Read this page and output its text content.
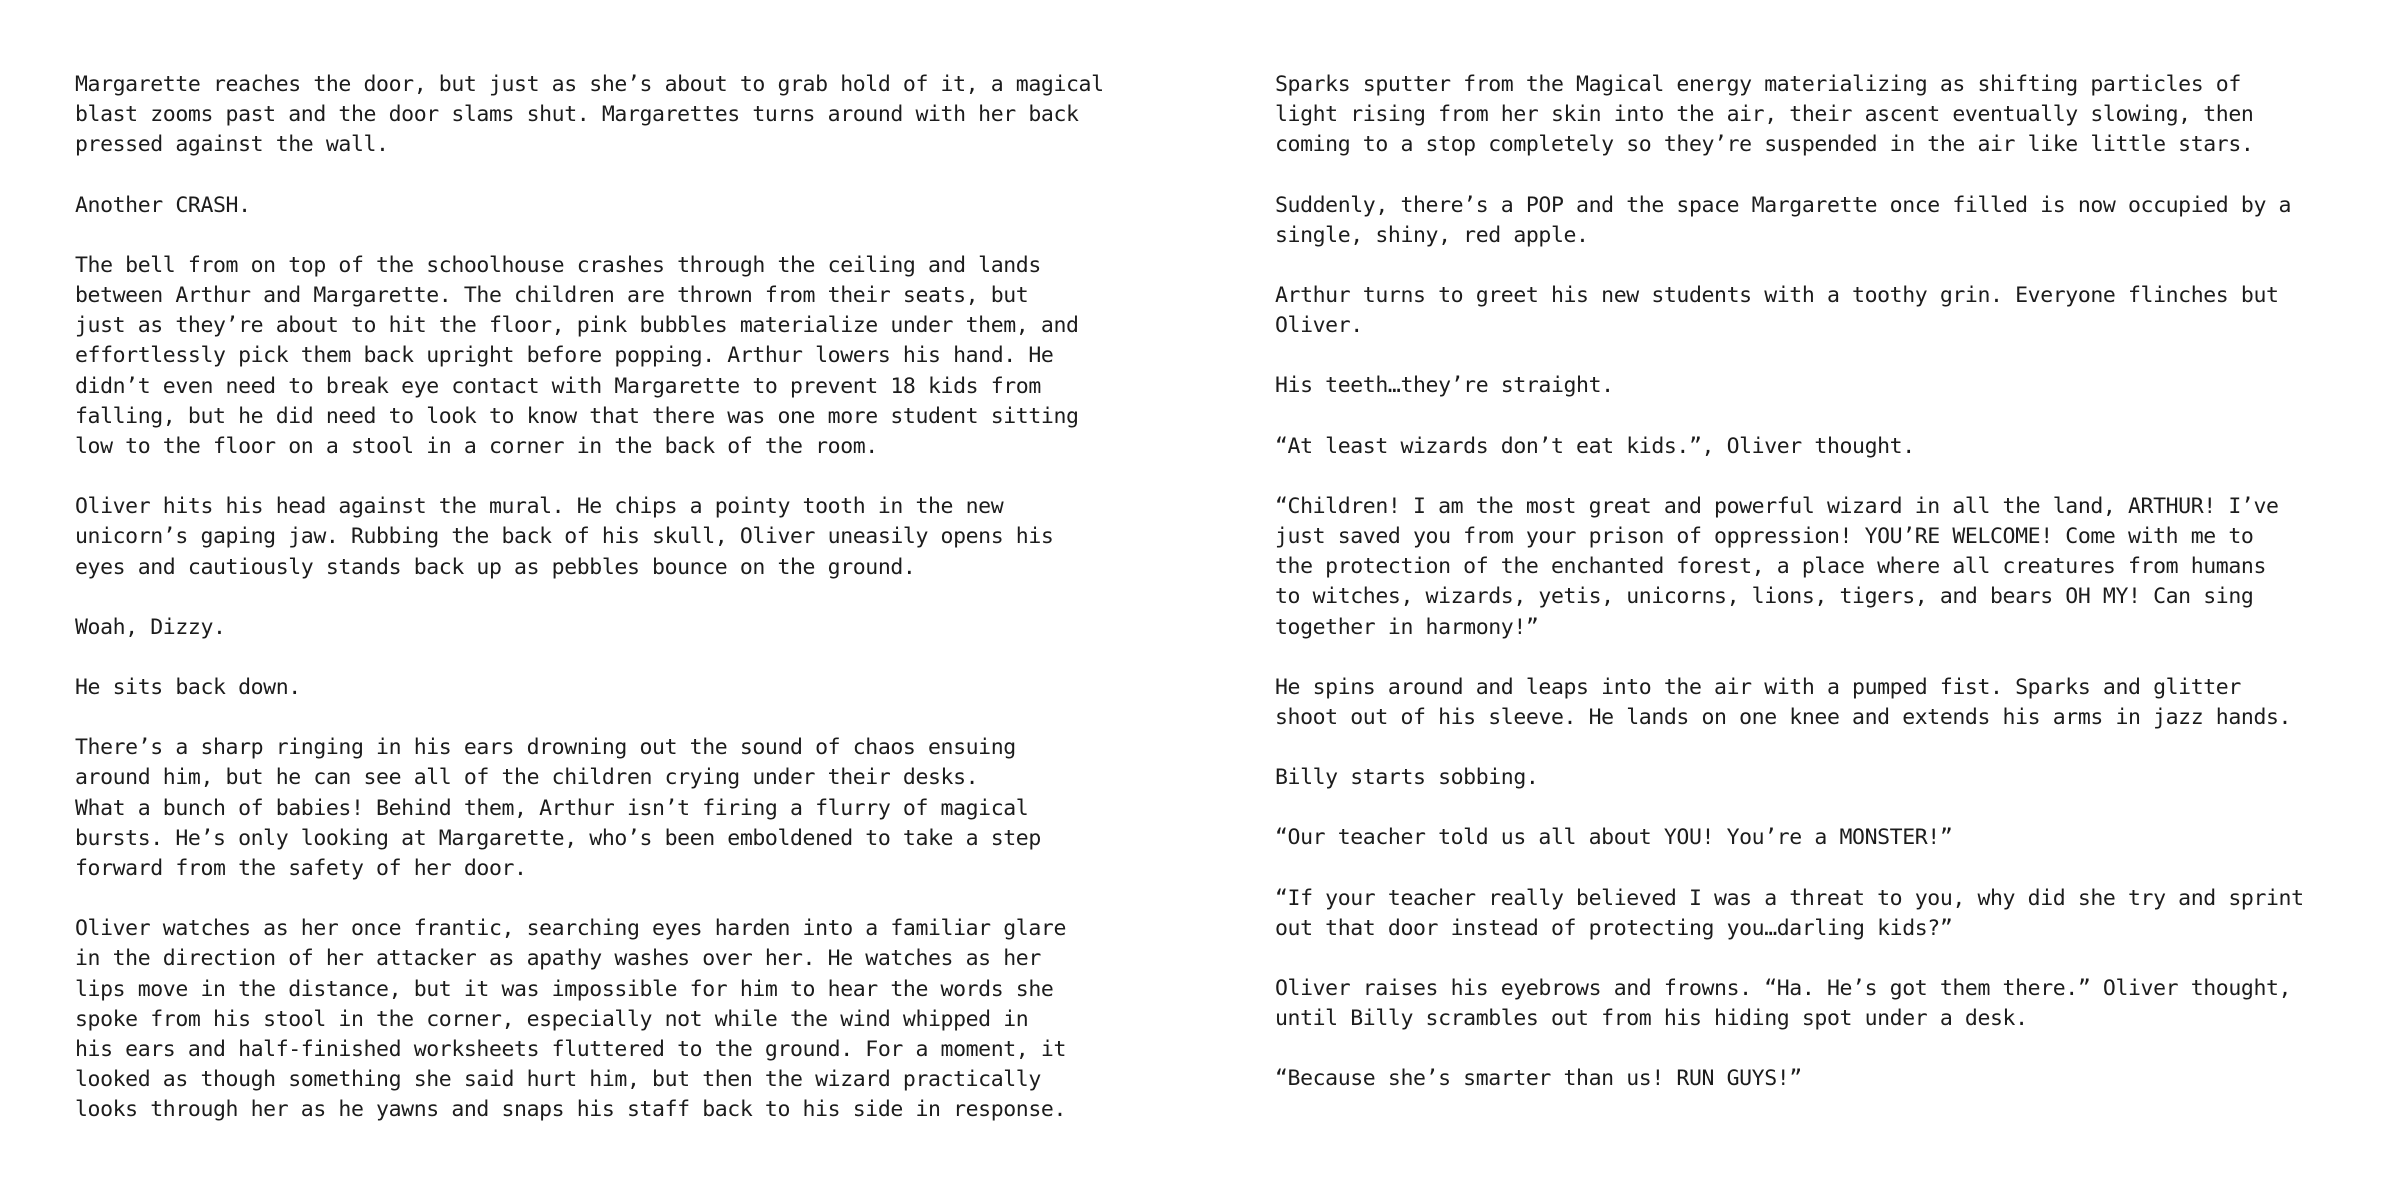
Margarette reaches the door, but just as she’s about to grab hold of it, a magical
blast zooms past and the door slams shut. Margarettes turns around with her back
pressed against the wall.

Another CRASH.

The bell from on top of the schoolhouse crashes through the ceiling and lands
between Arthur and Margarette. The children are thrown from their seats, but
just as they’re about to hit the floor, pink bubbles materialize under them, and
effortlessly pick them back upright before popping. Arthur lowers his hand. He
didn’t even need to break eye contact with Margarette to prevent 18 kids from
falling, but he did need to look to know that there was one more student sitting
low to the floor on a stool in a corner in the back of the room.

Oliver hits his head against the mural. He chips a pointy tooth in the new
unicorn’s gaping jaw. Rubbing the back of his skull, Oliver uneasily opens his
eyes and cautiously stands back up as pebbles bounce on the ground.

Woah, Dizzy.

He sits back down.

There’s a sharp ringing in his ears drowning out the sound of chaos ensuing
around him, but he can see all of the children crying under their desks.
What a bunch of babies! Behind them, Arthur isn’t firing a flurry of magical
bursts. He’s only looking at Margarette, who’s been emboldened to take a step
forward from the safety of her door.

Oliver watches as her once frantic, searching eyes harden into a familiar glare
in the direction of her attacker as apathy washes over her. He watches as her
lips move in the distance, but it was impossible for him to hear the words she
spoke from his stool in the corner, especially not while the wind whipped in
his ears and half-finished worksheets fluttered to the ground. For a moment, it
looked as though something she said hurt him, but then the wizard practically
looks through her as he yawns and snaps his staff back to his side in response.

Sparks sputter from the Magical energy materializing as shifting particles of
light rising from her skin into the air, their ascent eventually slowing, then
coming to a stop completely so they’re suspended in the air like little stars.

Suddenly, there’s a POP and the space Margarette once filled is now occupied by a
single, shiny, red apple.

Arthur turns to greet his new students with a toothy grin. Everyone flinches but
Oliver.

His teeth…they’re straight.

“At least wizards don’t eat kids.”, Oliver thought.

“Children! I am the most great and powerful wizard in all the land, ARTHUR! I’ve
just saved you from your prison of oppression! YOU’RE WELCOME! Come with me to
the protection of the enchanted forest, a place where all creatures from humans
to witches, wizards, yetis, unicorns, lions, tigers, and bears OH MY! Can sing
together in harmony!”

He spins around and leaps into the air with a pumped fist. Sparks and glitter
shoot out of his sleeve. He lands on one knee and extends his arms in jazz hands.

Billy starts sobbing.

“Our teacher told us all about YOU! You’re a MONSTER!”

“If your teacher really believed I was a threat to you, why did she try and sprint
out that door instead of protecting you…darling kids?”

Oliver raises his eyebrows and frowns. “Ha. He’s got them there.” Oliver thought,
until Billy scrambles out from his hiding spot under a desk.

“Because she’s smarter than us! RUN GUYS!”
